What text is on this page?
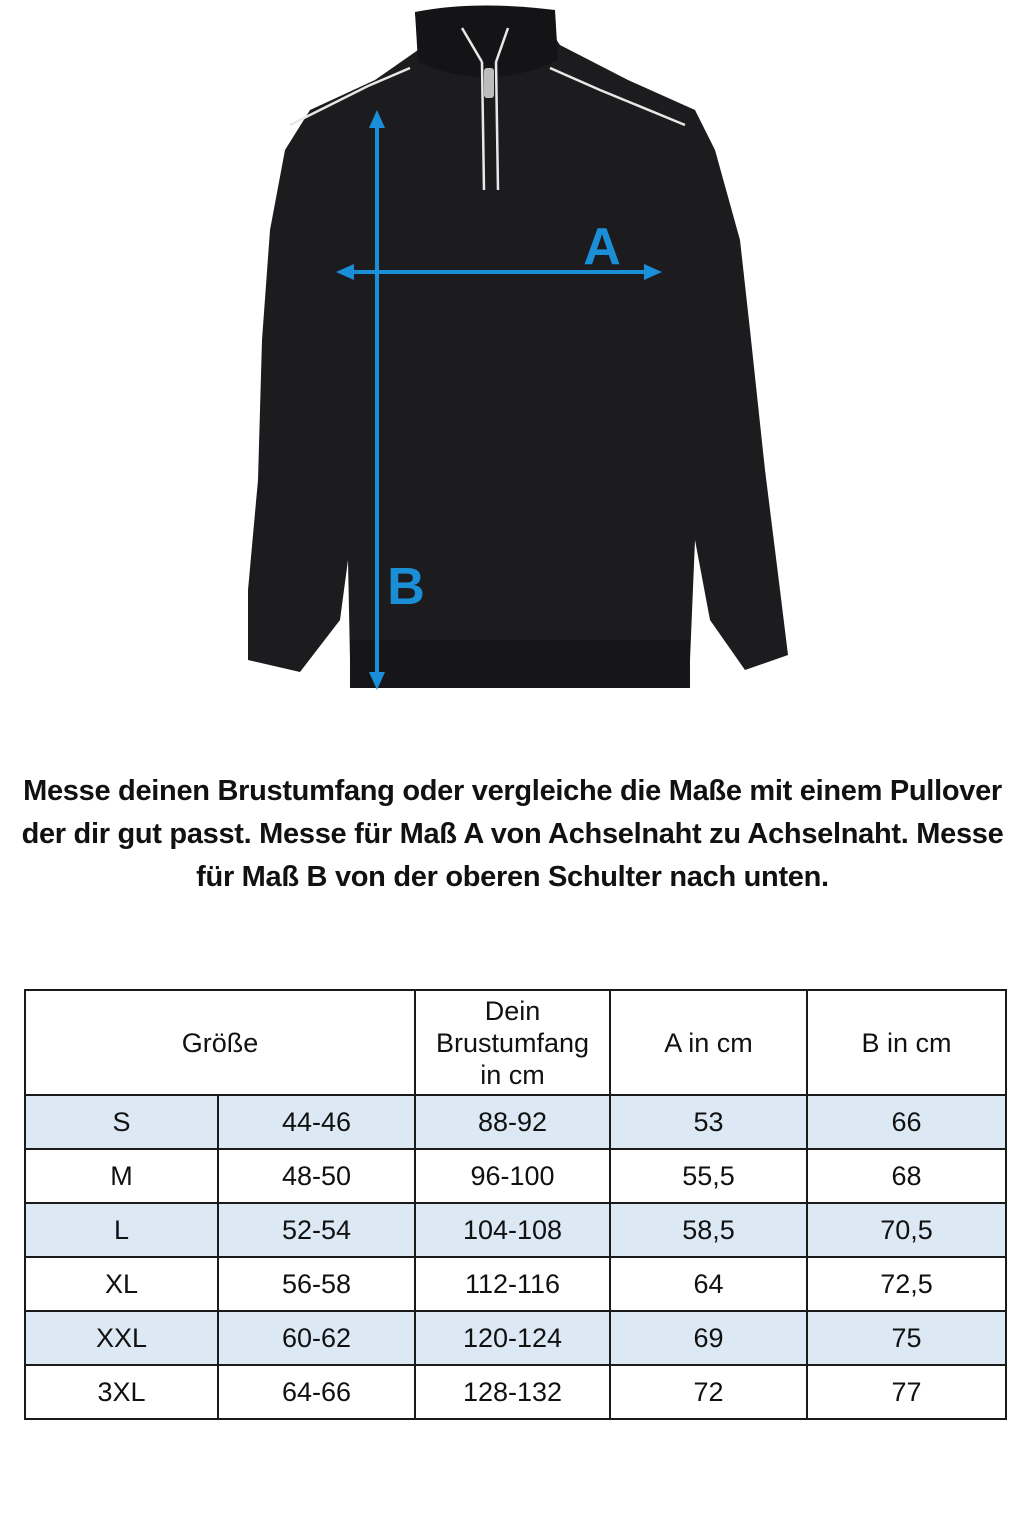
A
B
Messe deinen Brustumfang oder vergleiche die Maße mit einem Pullover der dir gut passt. Messe für Maß A von Achselnaht zu Achselnaht. Messe für Maß B von der oberen Schulter nach unten.
Größe		Dein Brustumfang in cm	A in cm	B in cm
S	44-46	88-92	53	66
M	48-50	96-100	55,5	68
L	52-54	104-108	58,5	70,5
XL	56-58	112-116	64	72,5
XXL	60-62	120-124	69	75
3XL	64-66	128-132	72	77
